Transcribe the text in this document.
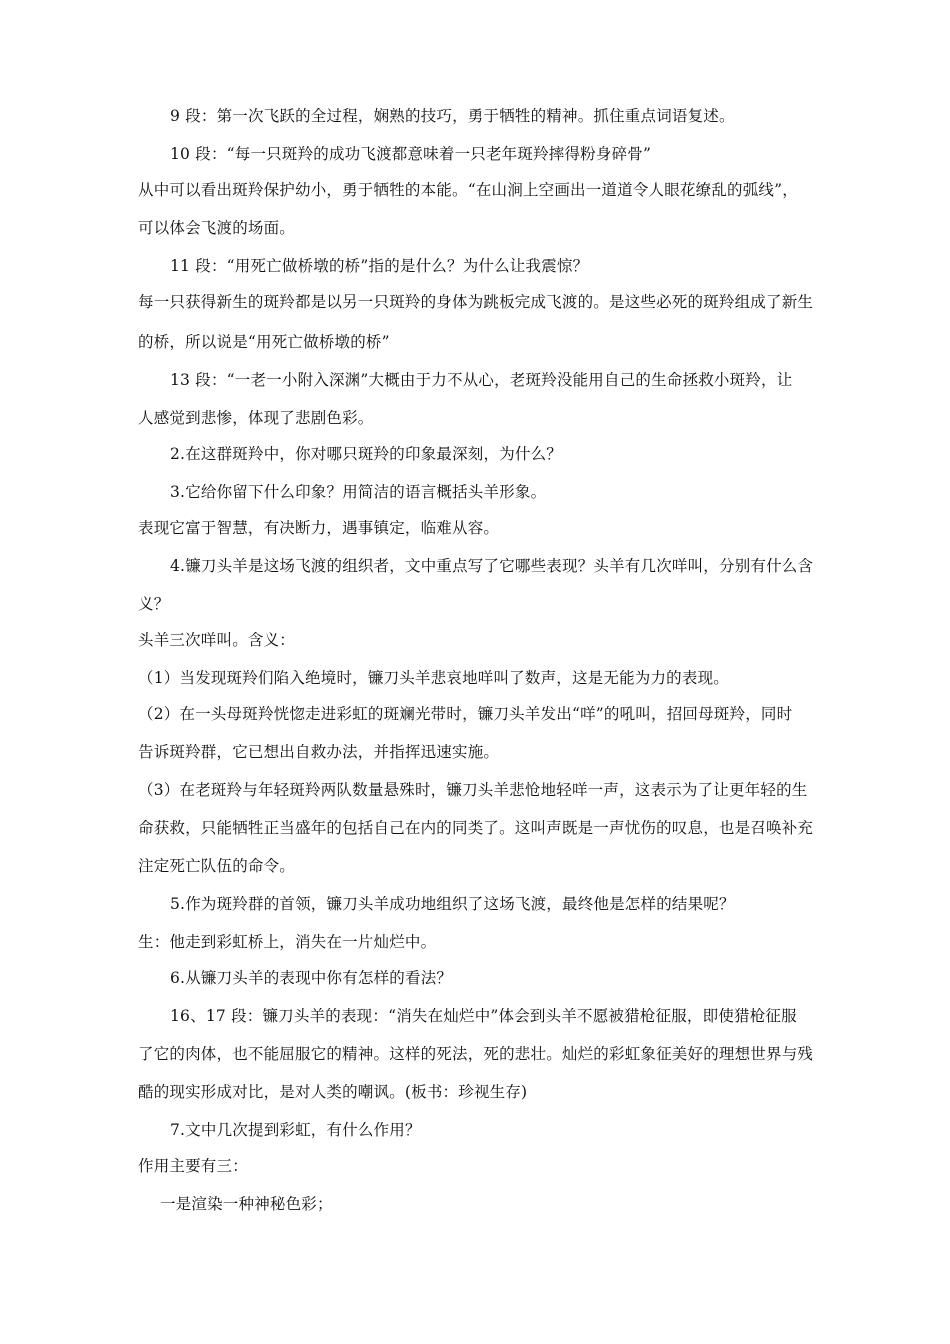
9 段：第一次飞跃的全过程，娴熟的技巧，勇于牺牲的精神。抓住重点词语复述。
10 段：“每一只斑羚的成功飞渡都意味着一只老年斑羚摔得粉身碎骨”
从中可以看出斑羚保护幼小，勇于牺牲的本能。“在山涧上空画出一道道令人眼花缭乱的弧线”，
可以体会飞渡的场面。
11 段：“用死亡做桥墩的桥”指的是什么？为什么让我震惊？
每一只获得新生的斑羚都是以另一只斑羚的身体为跳板完成飞渡的。是这些必死的斑羚组成了新生
的桥，所以说是“用死亡做桥墩的桥”
13 段：“一老一小附入深渊”大概由于力不从心，老斑羚没能用自己的生命拯救小斑羚，让
人感觉到悲惨，体现了悲剧色彩。
2.在这群斑羚中，你对哪只斑羚的印象最深刻，为什么？
3.它给你留下什么印象？用简洁的语言概括头羊形象。
表现它富于智慧，有决断力，遇事镇定，临难从容。
4.镰刀头羊是这场飞渡的组织者，文中重点写了它哪些表现？头羊有几次咩叫，分别有什么含
义？
头羊三次咩叫。含义：
（1）当发现斑羚们陷入绝境时，镰刀头羊悲哀地咩叫了数声，这是无能为力的表现。
（2）在一头母斑羚恍惚走进彩虹的斑斓光带时，镰刀头羊发出“咩”的吼叫，招回母斑羚，同时
告诉斑羚群，它已想出自救办法，并指挥迅速实施。
（3）在老斑羚与年轻斑羚两队数量悬殊时，镰刀头羊悲怆地轻咩一声，这表示为了让更年轻的生
命获救，只能牺牲正当盛年的包括自己在内的同类了。这叫声既是一声忧伤的叹息，也是召唤补充
注定死亡队伍的命令。
5.作为斑羚群的首领，镰刀头羊成功地组织了这场飞渡，最终他是怎样的结果呢？
生：他走到彩虹桥上，消失在一片灿烂中。
6.从镰刀头羊的表现中你有怎样的看法？
16、17 段：镰刀头羊的表现：“消失在灿烂中”体会到头羊不愿被猎枪征服，即使猎枪征服
了它的肉体，也不能屈服它的精神。这样的死法，死的悲壮。灿烂的彩虹象征美好的理想世界与残
酷的现实形成对比，是对人类的嘲讽。(板书：珍视生存)
7.文中几次提到彩虹，有什么作用？
作用主要有三：
一是渲染一种神秘色彩；
